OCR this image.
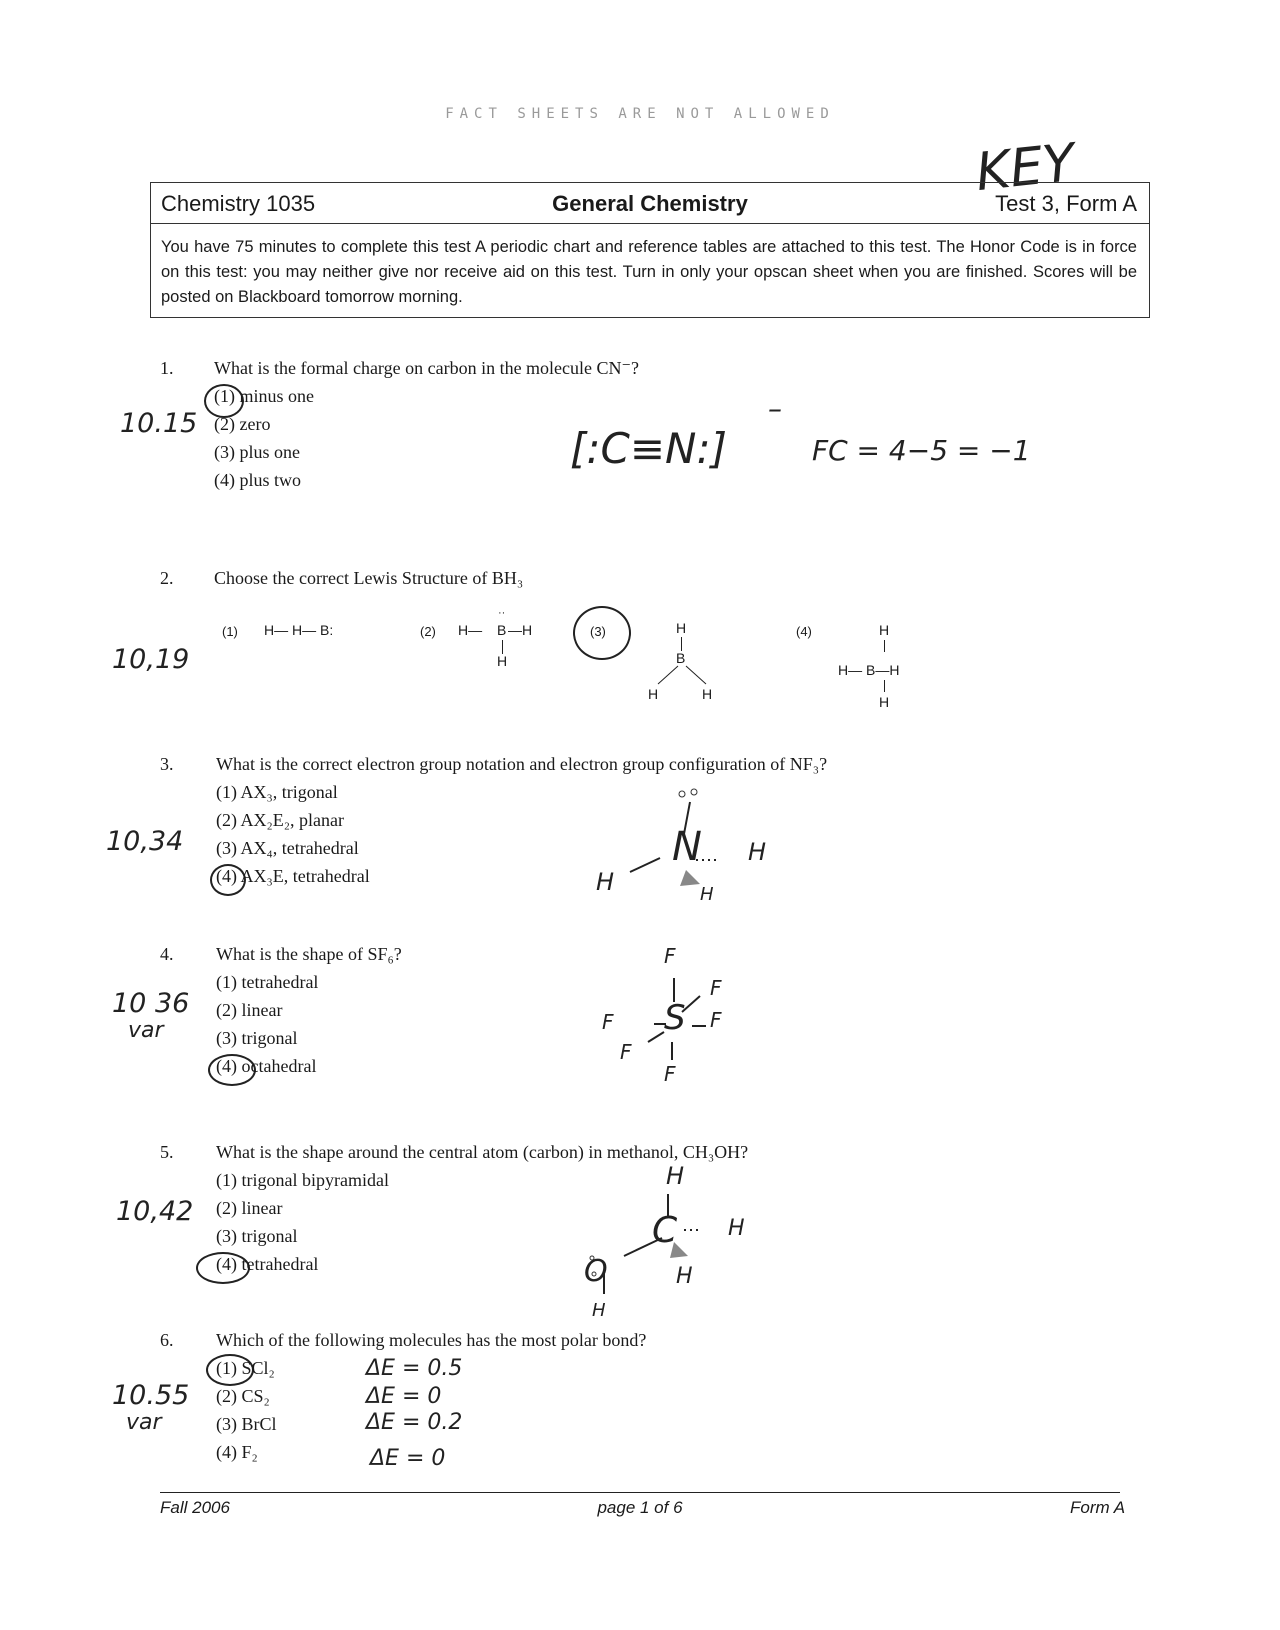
FACT SHEETS ARE NOT ALLOWED
KEY
Chemistry 1035	General Chemistry	Test 3, Form A
You have 75 minutes to complete this test A periodic chart and reference tables are attached to this test. The Honor Code is in force on this test: you may neither give nor receive aid on this test. Turn in only your opscan sheet when you are finished. Scores will be posted on Blackboard tomorrow morning.
1. What is the formal charge on carbon in the molecule CN⁻?
10.15
(1) minus one
(2) zero
(3) plus one
(4) plus two
[:C≡N:]
–
FC = 4−5 = −1
2. Choose the correct Lewis Structure of BH₃
10,19
(1) H— H— B:	(2) H—
··
B —H
H
(3)	H
B
H	H
(4)	H
H— B—H
H
3. What is the correct electron group notation and electron group configuration of NF₃?
10,34
(1) AX₃, trigonal
(2) AX₂E₂, planar
(3) AX₄, tetrahedral
(4) AX₃E, tetrahedral
N H
H	H
4. What is the shape of SF₆?
10 36
var
(1) tetrahedral
(2) linear
(3) trigonal
(4) octahedral
S
F
F
F
F
F
F
5. What is the shape around the central atom (carbon) in methanol, CH₃OH?
10,42
(1) trigonal bipyramidal
(2) linear
(3) trigonal
(4) tetrahedral
C
H
H
H
O
H
6. Which of the following molecules has the most polar bond?
10.55
var
(1) SCl₂
(2) CS₂
(3) BrCl
(4) F₂
ΔE = 0.5
ΔE = 0
ΔE = 0.2
ΔE = 0
Fall 2006	page 1 of 6	Form A
